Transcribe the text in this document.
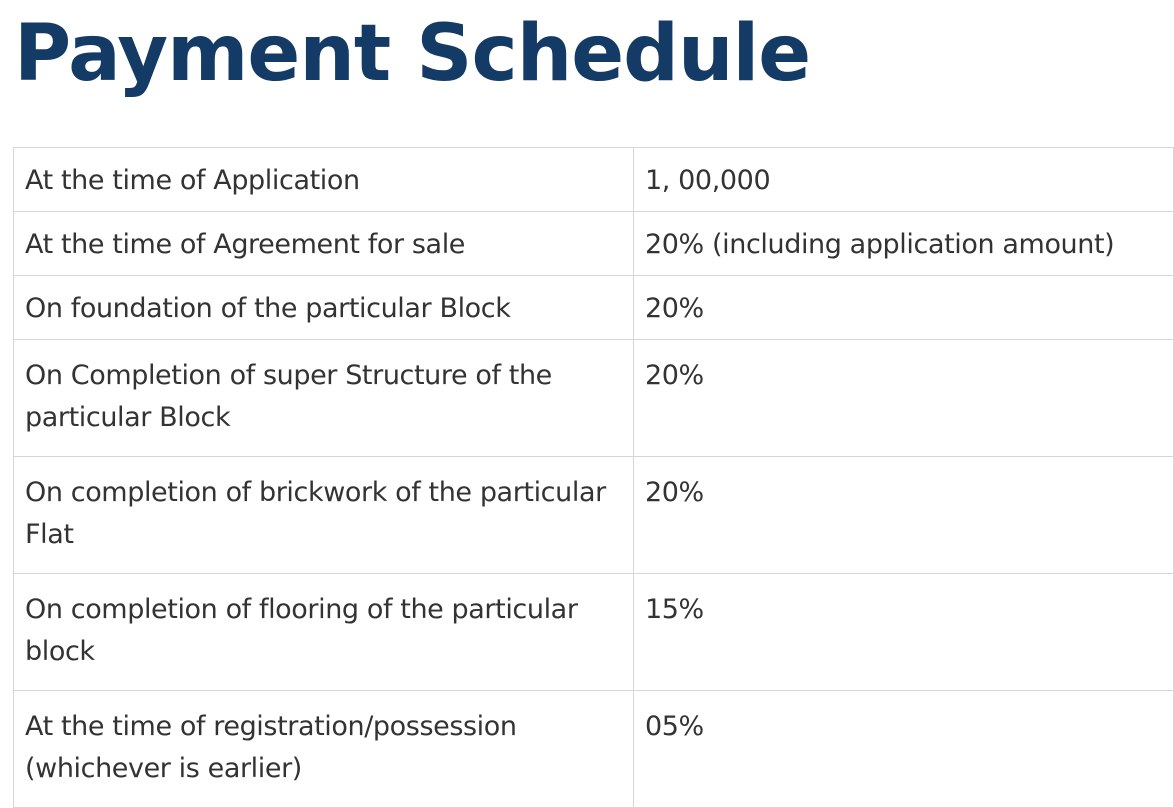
Payment Schedule
At the time of Application	1, 00,000
At the time of Agreement for sale	20% (including application amount)
On foundation of the particular Block	20%
On Completion of super Structure of the particular Block	20%
On completion of brickwork of the particular Flat	20%
On completion of flooring of the particular block	15%
At the time of registration/possession (whichever is earlier)	05%
